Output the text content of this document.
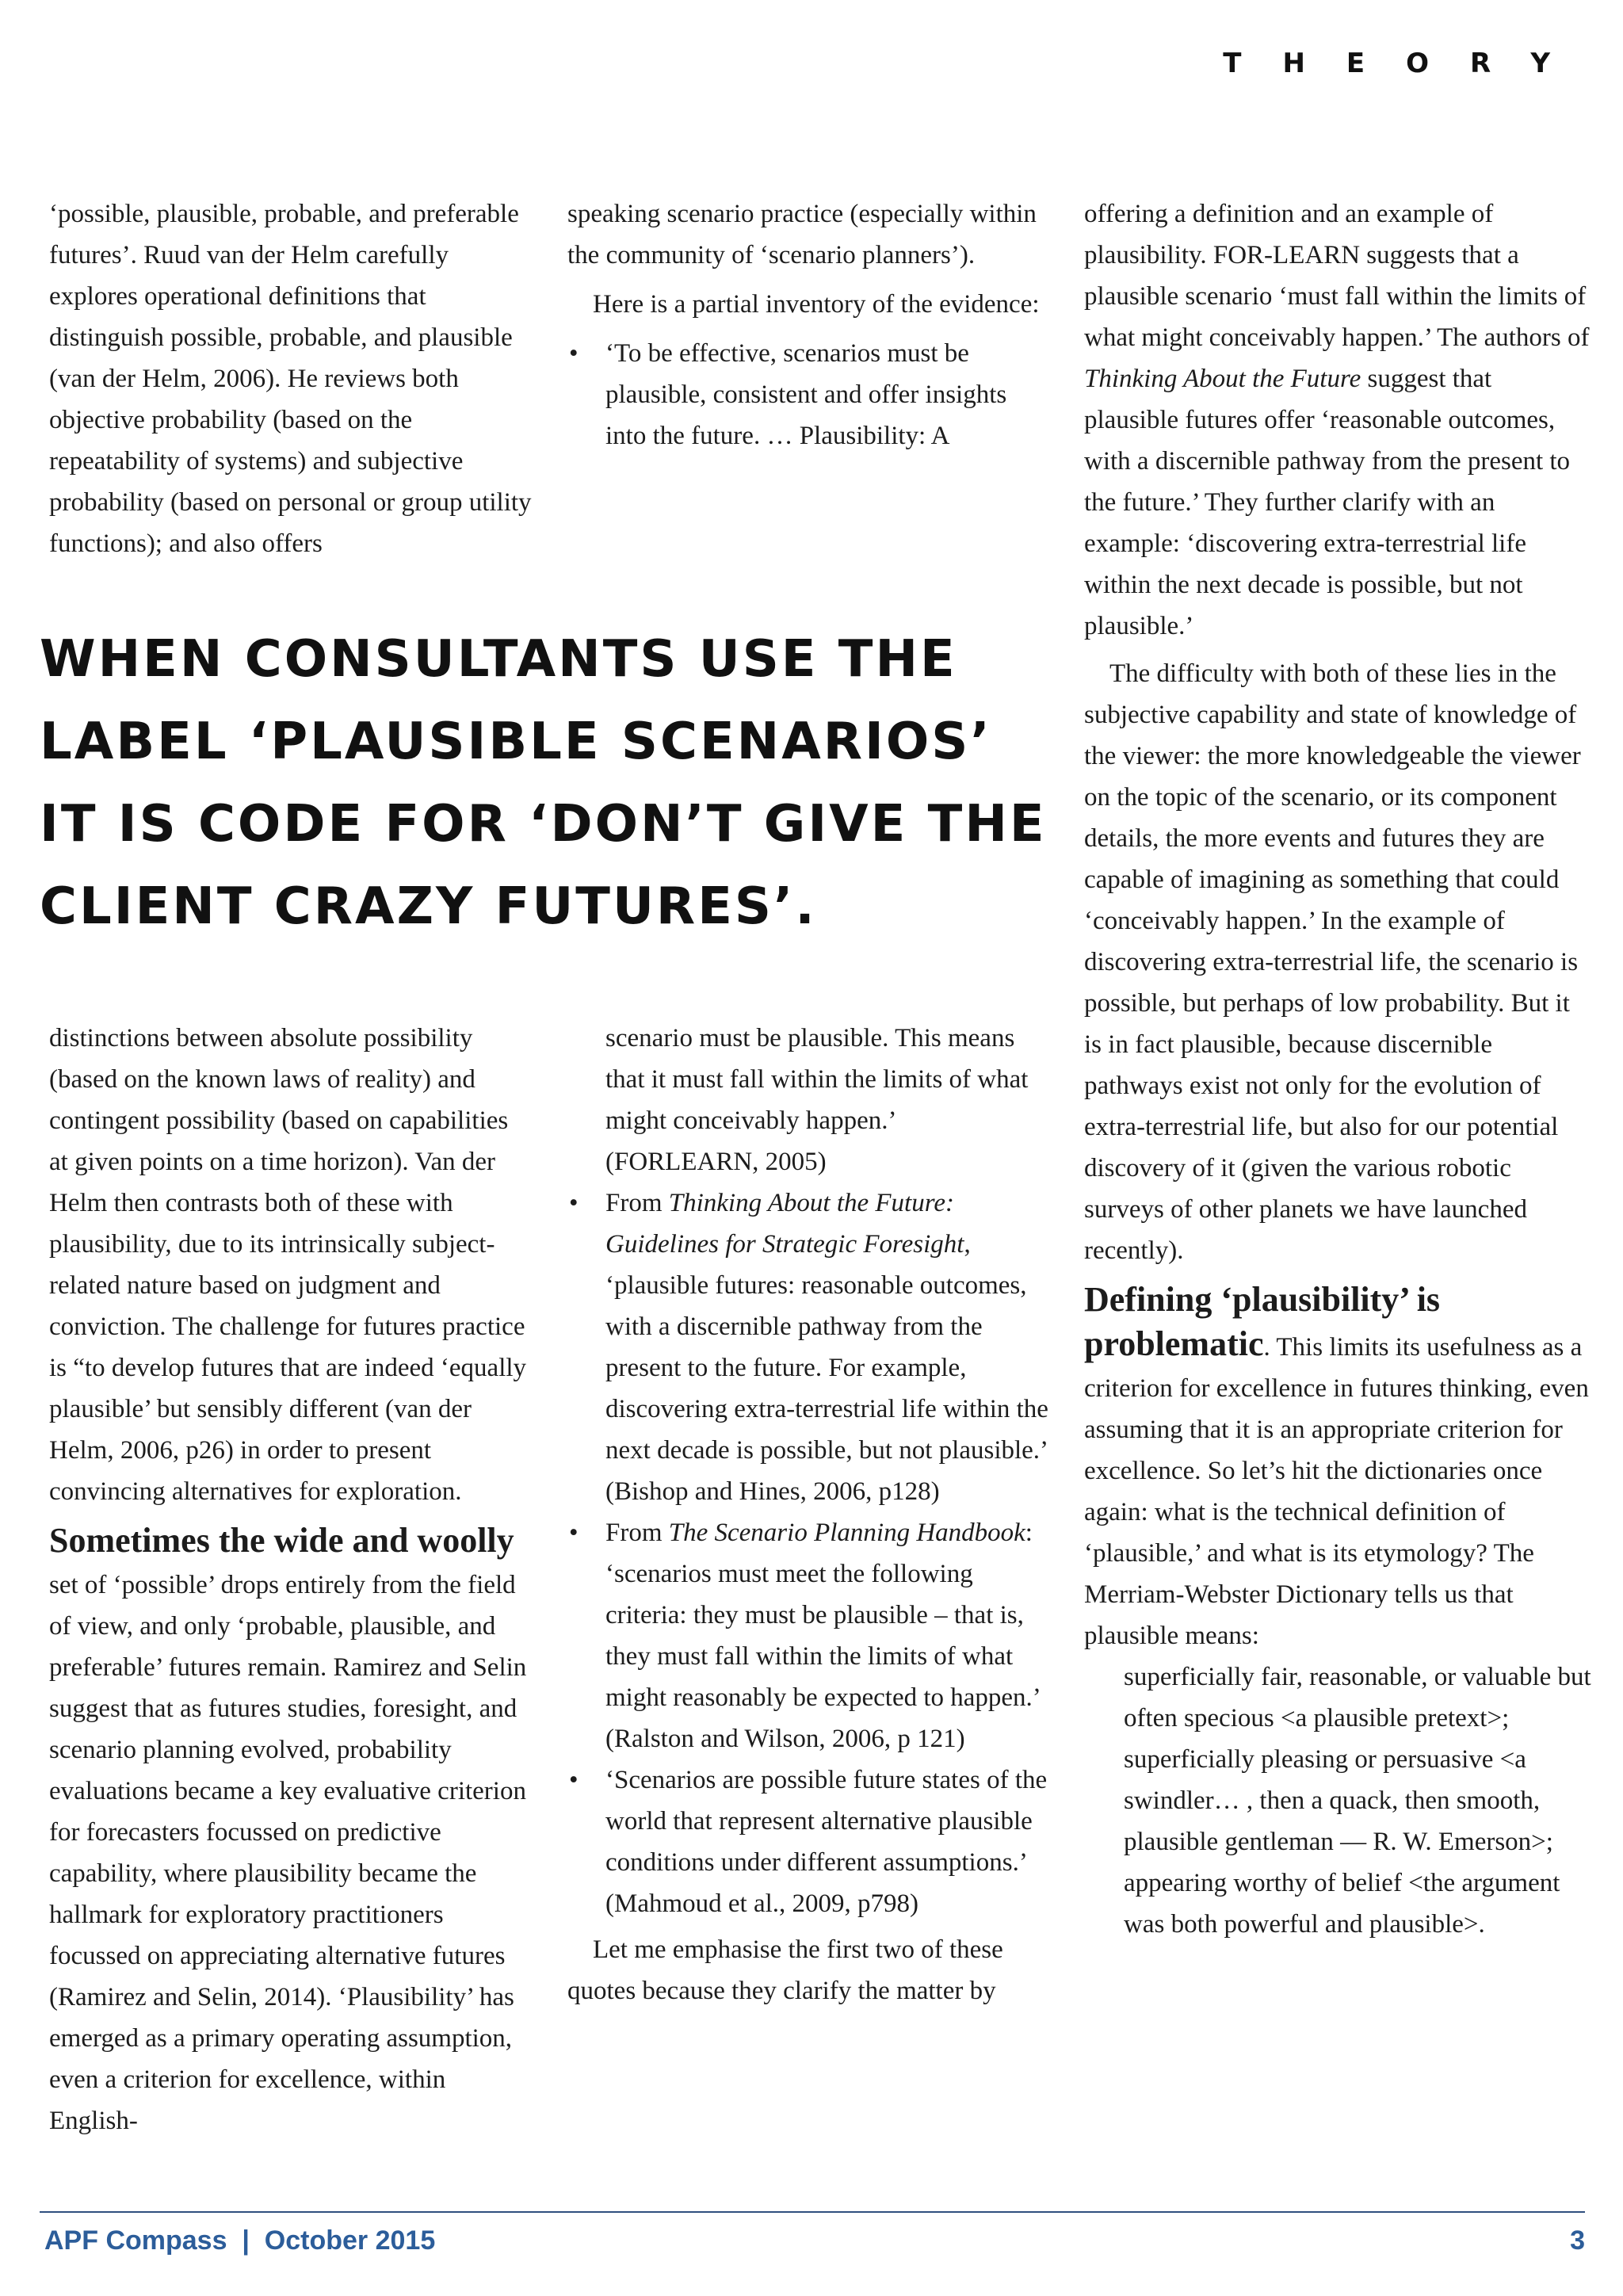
THEORY

‘possible, plausible, probable, and preferable futures’. Ruud van der Helm carefully explores operational definitions that distinguish possible, probable, and plausible (van der Helm, 2006). He reviews both objective probability (based on the repeatability of systems) and subjective probability (based on personal or group utility functions); and also offers

speaking scenario practice (especially within the community of ‘scenario planners’).

Here is a partial inventory of the evidence:

• ‘To be effective, scenarios must be plausible, consistent and offer insights into the future. … Plausibility: A
WHEN CONSULTANTS USE THE LABEL ‘PLAUSIBLE SCENARIOS’ IT IS CODE FOR ‘DON’T GIVE THE CLIENT CRAZY FUTURES’.

distinctions between absolute possibility (based on the known laws of reality) and contingent possibility (based on capabilities at given points on a time horizon). Van der Helm then contrasts both of these with plausibility, due to its intrinsically subject-related nature based on judgment and conviction. The challenge for futures practice is “to develop futures that are indeed ‘equally plausible’ but sensibly different (van der Helm, 2006, p26) in order to present convincing alternatives for exploration.

Sometimes the wide and woolly set of ‘possible’ drops entirely from the field of view, and only ‘probable, plausible, and preferable’ futures remain. Ramirez and Selin suggest that as futures studies, foresight, and scenario planning evolved, probability evaluations became a key evaluative criterion for forecasters focussed on predictive capability, where plausibility became the hallmark for exploratory practitioners focussed on appreciating alternative futures (Ramirez and Selin, 2014). ‘Plausibility’ has emerged as a primary operating assumption, even a criterion for excellence, within English-

scenario must be plausible. This means that it must fall within the limits of what might conceivably happen.’ (FORLEARN, 2005)
• From Thinking About the Future: Guidelines for Strategic Foresight, ‘plausible futures: reasonable outcomes, with a discernible pathway from the present to the future. For example, discovering extra-terrestrial life within the next decade is possible, but not plausible.’ (Bishop and Hines, 2006, p128)
• From The Scenario Planning Handbook: ‘scenarios must meet the following criteria: they must be plausible – that is, they must fall within the limits of what might reasonably be expected to happen.’ (Ralston and Wilson, 2006, p 121)
• ‘Scenarios are possible future states of the world that represent alternative plausible conditions under different assumptions.’ (Mahmoud et al., 2009, p798)

Let me emphasise the first two of these quotes because they clarify the matter by

offering a definition and an example of plausibility. FOR-LEARN suggests that a plausible scenario ‘must fall within the limits of what might conceivably happen.’ The authors of Thinking About the Future suggest that plausible futures offer ‘reasonable outcomes, with a discernible pathway from the present to the future.’ They further clarify with an example: ‘discovering extra-terrestrial life within the next decade is possible, but not plausible.’

The difficulty with both of these lies in the subjective capability and state of knowledge of the viewer: the more knowledgeable the viewer on the topic of the scenario, or its component details, the more events and futures they are capable of imagining as something that could ‘conceivably happen.’ In the example of discovering extra-terrestrial life, the scenario is possible, but perhaps of low probability. But it is in fact plausible, because discernible pathways exist not only for the evolution of extra-terrestrial life, but also for our potential discovery of it (given the various robotic surveys of other planets we have launched recently).

Defining ‘plausibility’ is problematic. This limits its usefulness as a criterion for excellence in futures thinking, even assuming that it is an appropriate criterion for excellence. So let’s hit the dictionaries once again: what is the technical definition of ‘plausible,’ and what is its etymology? The Merriam-Webster Dictionary tells us that plausible means:

superficially fair, reasonable, or valuable but often specious <a plausible pretext>; superficially pleasing or persuasive <a swindler… , then a quack, then smooth, plausible gentleman — R. W. Emerson>; appearing worthy of belief <the argument was both powerful and plausible>.

APF Compass  |  October 2015	3
